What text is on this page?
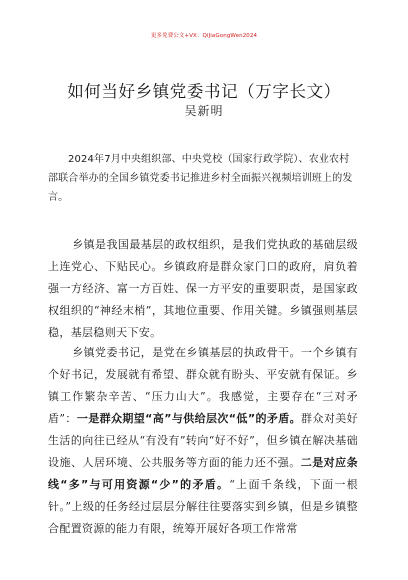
更多免费公文+VX：QiJiaGongWen2024
如何当好乡镇党委书记（万字长文）
吴新明
2024年7月中央组织部、中央党校（国家行政学院）、农业农村部联合举办的全国乡镇党委书记推进乡村全面振兴视频培训班上的发言。

乡镇是我国最基层的政权组织，是我们党执政的基础层级上连党心、下贴民心。乡镇政府是群众家门口的政府，肩负着强一方经济、富一方百姓、保一方平安的重要职责，是国家政权组织的“神经末梢”，其地位重要、作用关键。乡镇强则基层稳，基层稳则天下安。

乡镇党委书记，是党在乡镇基层的执政骨干。一个乡镇有个好书记，发展就有希望、群众就有盼头、平安就有保证。乡镇工作繁杂辛苦、“压力山大”。我感觉，主要存在“三对矛盾”：一是群众期望“高”与供给层次“低”的矛盾。群众对美好生活的向往已经从“有没有”转向“好不好”，但乡镇在解决基础设施、人居环境、公共服务等方面的能力还不强。二是对应条线“多”与可用资源“少”的矛盾。“上面千条线，下面一根针。”上级的任务经过层层分解往往要落实到乡镇，但是乡镇整合配置资源的能力有限，统筹开展好各项工作常常
